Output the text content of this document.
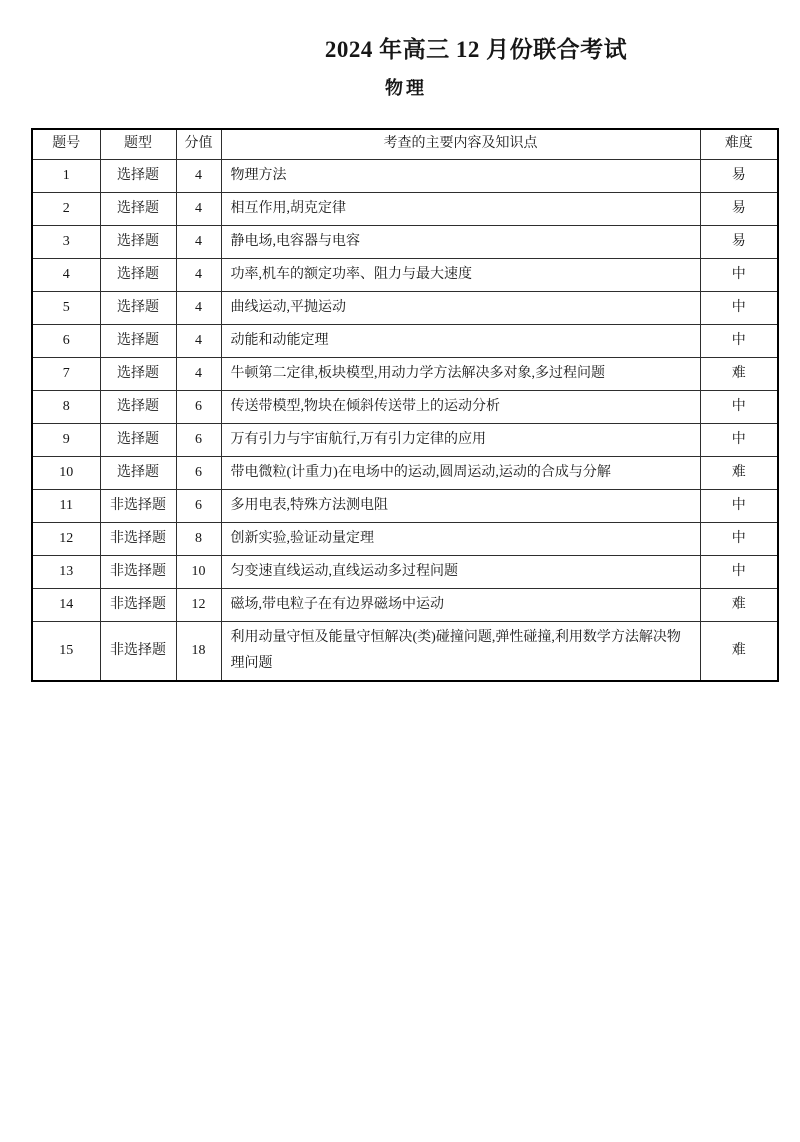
2024 年高三 12 月份联合考试
物理
题号	题型	分值	考查的主要内容及知识点	难度
1	选择题	4	物理方法	易
2	选择题	4	相互作用,胡克定律	易
3	选择题	4	静电场,电容器与电容	易
4	选择题	4	功率,机车的额定功率、阻力与最大速度	中
5	选择题	4	曲线运动,平抛运动	中
6	选择题	4	动能和动能定理	中
7	选择题	4	牛顿第二定律,板块模型,用动力学方法解决多对象,多过程问题	难
8	选择题	6	传送带模型,物块在倾斜传送带上的运动分析	中
9	选择题	6	万有引力与宇宙航行,万有引力定律的应用	中
10	选择题	6	带电微粒(计重力)在电场中的运动,圆周运动,运动的合成与分解	难
11	非选择题	6	多用电表,特殊方法测电阻	中
12	非选择题	8	创新实验,验证动量定理	中
13	非选择题	10	匀变速直线运动,直线运动多过程问题	中
14	非选择题	12	磁场,带电粒子在有边界磁场中运动	难
15	非选择题	18	利用动量守恒及能量守恒解决(类)碰撞问题,弹性碰撞,利用数学方法解决物理问题	难
